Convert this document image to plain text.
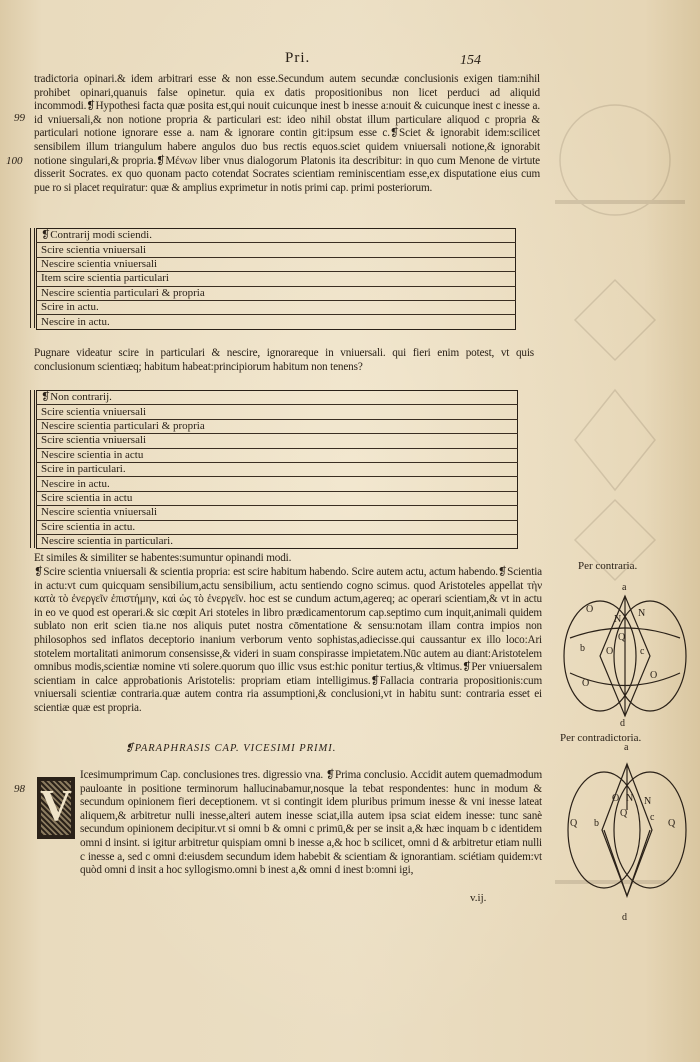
Pri.	154
99
100
98

tradictoria opinari.& idem arbitrari esse & non esse.Secundum autem secundæ conclusionis exigen tiam:nihil prohibet opinari,quanuis false opinetur. quia ex datis propositionibus non licet perduci ad aliquid incommodi.❡Hypothesi facta quæ posita est,qui nouit cuicunque inest b inesse a:nouit & cuicunque inest c inesse a. id vniuersali,& non notione propria & particulari est: ideo nihil obstat illum particulare aliquod c propria & particulari notione ignorare esse a. nam & ignorare contin git:ipsum esse c.❡Sciet & ignorabit idem:scilicet sensibilem illum triangulum habere angulos duo bus rectis equos.sciet quidem vniuersali notione,& ignorabit notione singulari,& propria.❡Μένων liber vnus dialogorum Platonis ita describitur: in quo cum Menone de virtute disserit Socrates. ex quo quonam pacto cotendat Socrates scientiam reminiscentiam esse,ex disputatione eius cum pue ro si placet requiratur: quæ & amplius exprimetur in notis primi cap. primi posteriorum.

❡Contrarij modi sciendi.
Scire scientia vniuersali
Nescire scientia vniuersali
Item scire scientia particulari
Nescire scientia particulari & propria
Scire in actu.
Nescire in actu.

Pugnare videatur scire in particulari & nescire, ignorareque in vniuersali. qui fieri enim potest, vt quis conclusionum scientiæq; habitum habeat:principiorum habitum non tenens?

❡Non contrarij.
Scire scientia vniuersali
Nescire scientia particulari & propria
Scire scientia vniuersali
Nescire scientia in actu
Scire in particulari.
Nescire in actu.
Scire scientia in actu
Nescire scientia vniuersali
Scire scientia in actu.
Nescire scientia in particulari.

Et similes & similiter se habentes:sumuntur opinandi modi.

❡Scire scientia vniuersali & scientia propria: est scire habitum habendo. Scire autem actu, actum habendo.❡Scientia in actu:vt cum quicquam sensibilium,actu sensibilium, actu sentiendo cogno scimus. quod Aristoteles appellat τὴν κατὰ τὸ ἐνεργεῖν ἐπιστήμην, καὶ ὡς τὸ ἐνεργεῖν. hoc est se cundum actum,agereq; ac operari scientiam,& vt in actu in eo ve quod est operari.& sic cœpit Ari stoteles in libro prædicamentorum cap.septimo cum inquit,animali quidem sublato non erit scien tia.ne nos aliquis putet nostra cōmentatione & sensu:notam illam contra impios non philosophos sed inflatos deceptorio inanium verborum vento sophistas,adiecisse.qui caussantur ex illo loco:Ari stotelem mortalitati animorum consensisse,& videri in suam conspirasse impietatem.Nūc autem au diant:Aristotelem omnibus modis,scientiæ nomine vti solere.quorum quo illic vsus est:hic ponitur tertius,& vltimus.❡Per vniuersalem scientiam in calce approbationis Aristotelis: propriam etiam intelligimus.❡Fallacia contraria propositionis:cum vniuersali scientiæ contraria.quæ autem contra ria assumptioni,& conclusioni,vt in habitu sunt: contraria esset ei scientiæ quæ est propria.

❡PARAPHRASIS CAP. VICESIMI PRIMI.
V

Icesimumprimum Cap. conclusiones tres. digressio vna. ❡Prima conclusio. Accidit autem quemadmodum pauloante in positione terminorum hallucinabamur,nosque la tebat respondentes: hunc in modum & secundum opinionem fieri deceptionem. vt si contingit idem pluribus primum inesse & vni inesse lateat aliquem,& arbitretur nulli inesse,alteri autem inesse sciat,illa autem ipsa sciat eidem inesse: tunc sanè secundum opinionem decipitur.vt si omni b & omni c primū,& per se insit a,& hæc inquam b c identidem omni d insint. si igitur arbitretur quispiam omni b inesse a,& hoc b scilicet, omni d & arbitretur etiam nulli c inesse a, sed c omni d:eiusdem secundum idem habebit & scientiam & ignorantiam. sciétiam quidem:vt quòd omni d insit a hoc syllogismo.omni b inest a,& omni d inest b:omni igi,

v.ij.
Per contraria.
a
O
N
N
Q
b	c
O
O
O
d
Per contradictoria.
a
O N N
Q
Q b
c
Q
d
